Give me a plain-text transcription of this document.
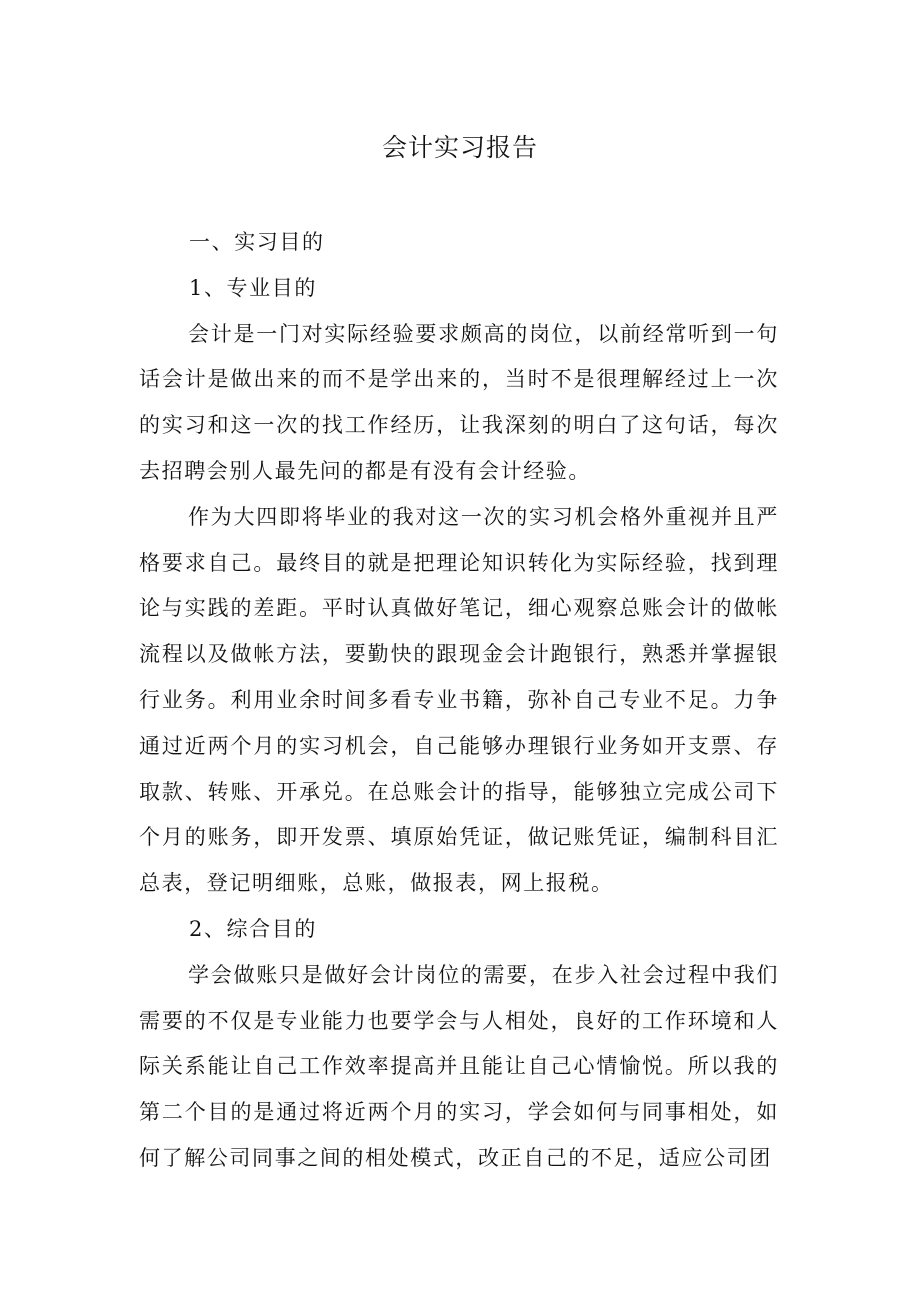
会计实习报告

一、实习目的

1、专业目的

会计是一门对实际经验要求颇高的岗位，以前经常听到一句话会计是做出来的而不是学出来的，当时不是很理解经过上一次的实习和这一次的找工作经历，让我深刻的明白了这句话，每次去招聘会别人最先问的都是有没有会计经验。

作为大四即将毕业的我对这一次的实习机会格外重视并且严格要求自己。最终目的就是把理论知识转化为实际经验，找到理论与实践的差距。平时认真做好笔记，细心观察总账会计的做帐流程以及做帐方法，要勤快的跟现金会计跑银行，熟悉并掌握银行业务。利用业余时间多看专业书籍，弥补自己专业不足。力争通过近两个月的实习机会，自己能够办理银行业务如开支票、存取款、转账、开承兑。在总账会计的指导，能够独立完成公司下个月的账务，即开发票、填原始凭证，做记账凭证，编制科目汇总表，登记明细账，总账，做报表，网上报税。

2、综合目的

学会做账只是做好会计岗位的需要，在步入社会过程中我们需要的不仅是专业能力也要学会与人相处，良好的工作环境和人际关系能让自己工作效率提高并且能让自己心情愉悦。所以我的第二个目的是通过将近两个月的实习，学会如何与同事相处，如何了解公司同事之间的相处模式，改正自己的不足，适应公司团
